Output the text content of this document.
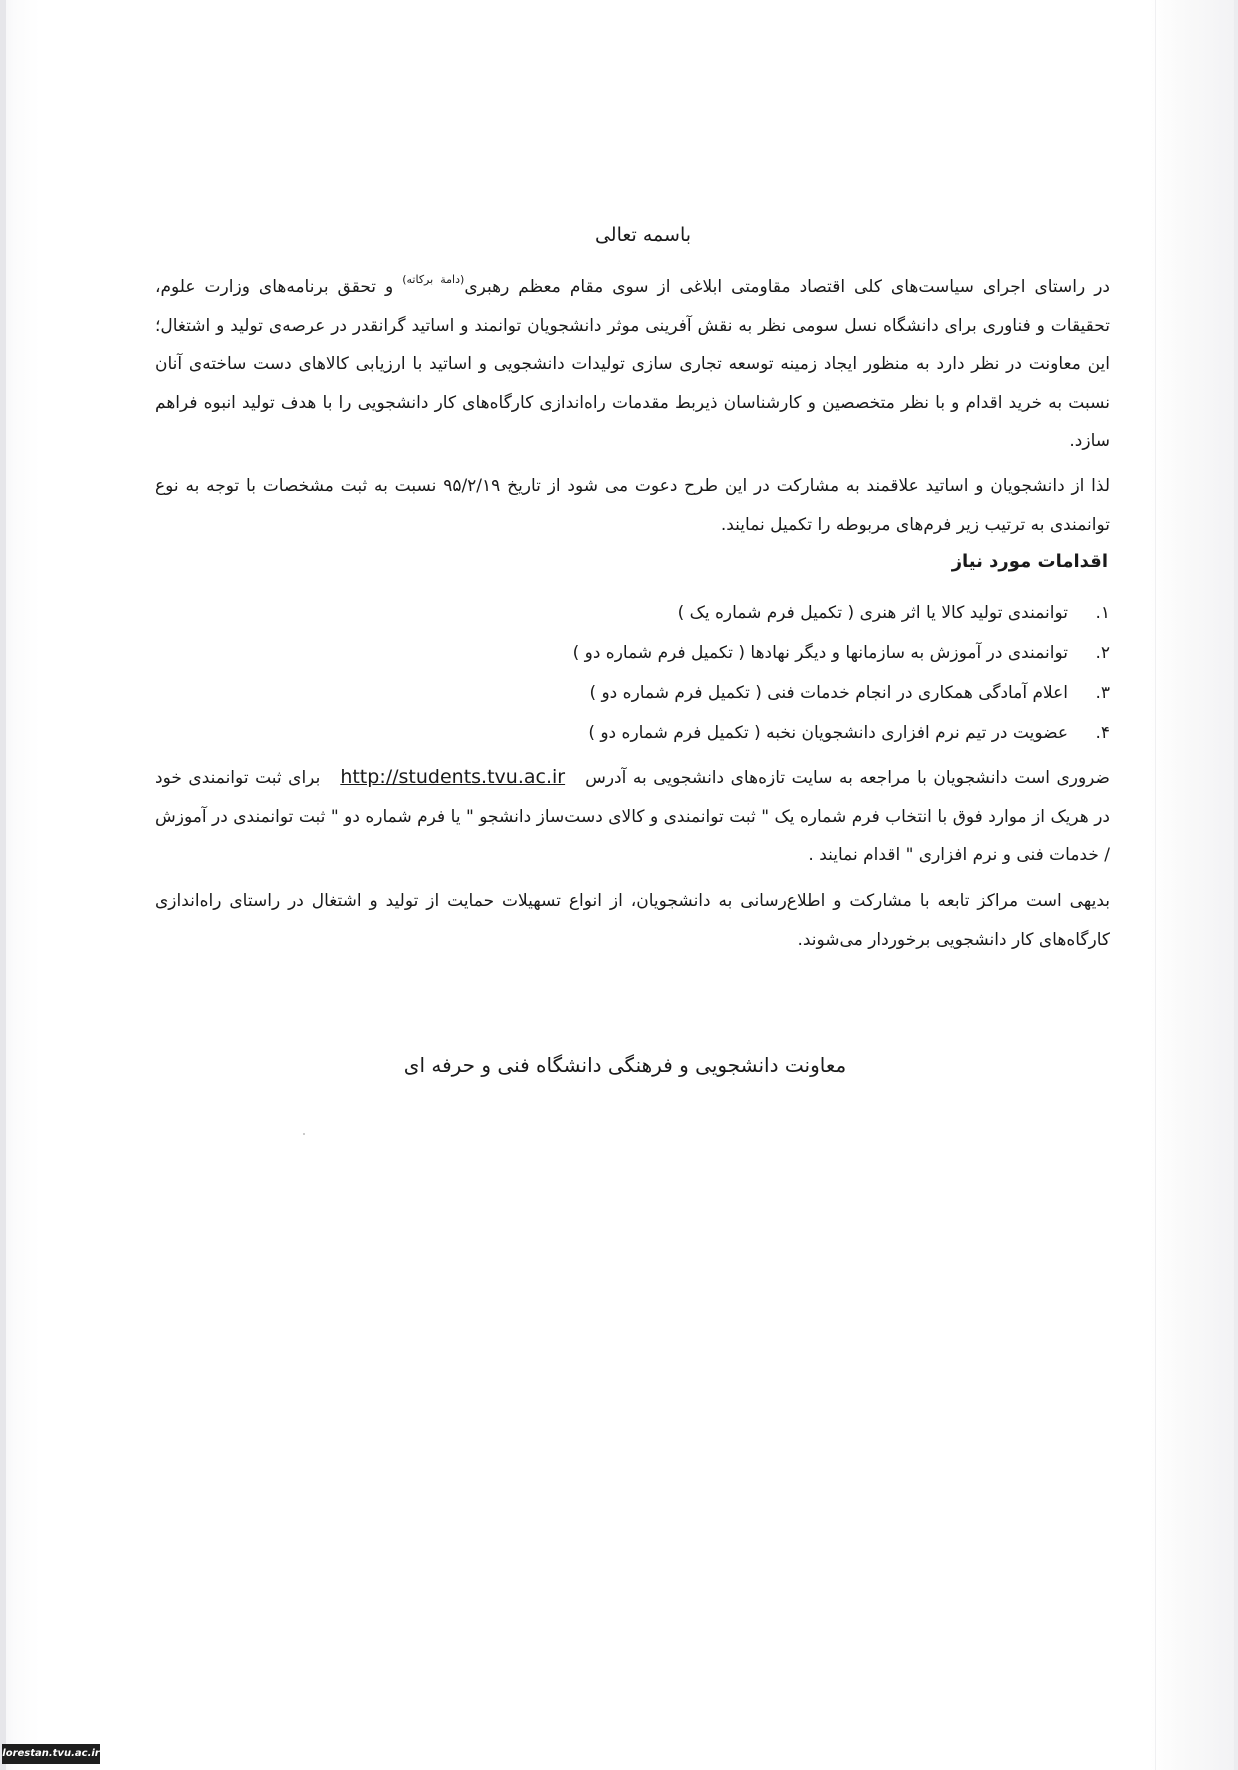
باسمه تعالی
در راستای اجرای سیاست‌های کلی اقتصاد مقاومتی ابلاغی از سوی مقام معظم رهبری$^{(دامة برکاته)}$ و تحقق برنامه‌های وزارت علوم، تحقیقات و فناوری برای دانشگاه نسل سومی نظر به نقش آفرینی موثر دانشجویان توانمند و اساتید گرانقدر در عرصه‌ی تولید و اشتغال؛ این معاونت در نظر دارد به منظور ایجاد زمینه توسعه تجاری سازی تولیدات دانشجویی و اساتید با ارزیابی کالاهای دست ساخته‌ی آنان نسبت به خرید اقدام و با نظر متخصصین و کارشناسان ذیربط مقدمات راه‌اندازی کارگاه‌های کار دانشجویی را با هدف تولید انبوه فراهم سازد.
لذا از دانشجویان و اساتید علاقمند به مشارکت در این طرح دعوت می شود از تاریخ ۹۵/۲/۱۹ نسبت به ثبت مشخصات با توجه به نوع توانمندی به ترتیب زیر فرم‌های مربوطه را تکمیل نمایند.
اقدامات مورد نیاز
۱.توانمندی تولید کالا یا اثر هنری ( تکمیل فرم شماره یک )
۲.توانمندی در آموزش به سازمانها و دیگر نهادها ( تکمیل فرم شماره دو )
۳.اعلام آمادگی همکاری در انجام خدمات فنی ( تکمیل فرم شماره دو )
۴.عضویت در تیم نرم افزاری دانشجویان نخبه ( تکمیل فرم شماره دو )
ضروری است دانشجویان با مراجعه به سایت تازه‌های دانشجویی به آدرسhttp://students.tvu.ac.irبرای ثبت توانمندی خود در هریک از موارد فوق با انتخاب فرم شماره یک " ثبت توانمندی و کالای دست‌ساز دانشجو " یا فرم شماره دو " ثبت توانمندی در آموزش / خدمات فنی و نرم افزاری " اقدام نمایند .
بدیهی است مراکز تابعه با مشارکت و اطلاع‌رسانی به دانشجویان، از انواع تسهیلات حمایت از تولید و اشتغال در راستای راه‌اندازی کارگاه‌های کار دانشجویی برخوردار می‌شوند.
معاونت دانشجویی و فرهنگی دانشگاه فنی و حرفه ای
lorestan.tvu.ac.ir
